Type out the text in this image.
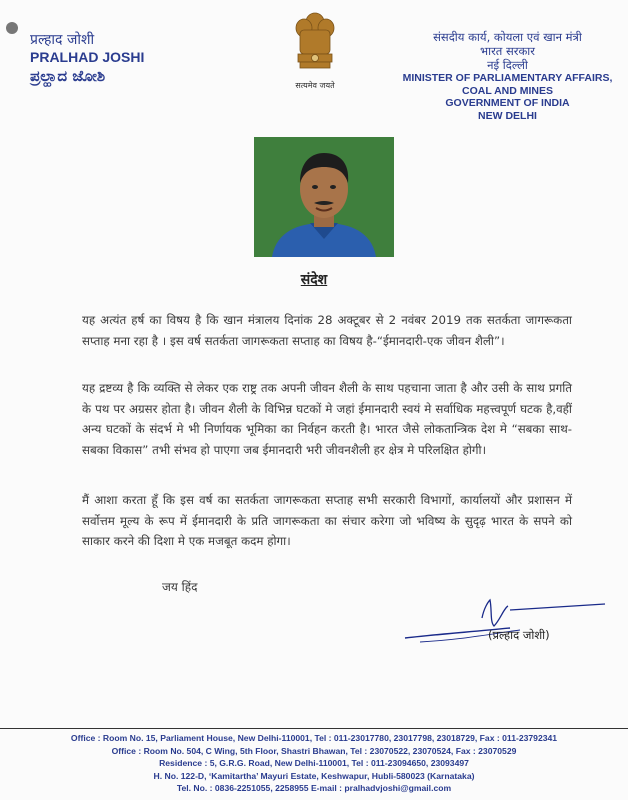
प्रल्हाद जोशी
PRALHAD JOSHI
ಪ್ರಲ್ಹಾದ ಜೋಶಿ
सत्यमेव जयते
संसदीय कार्य, कोयला एवं खान मंत्री
भारत सरकार
नई दिल्ली
MINISTER OF PARLIAMENTARY AFFAIRS,
COAL AND MINES
GOVERNMENT OF INDIA
NEW DELHI
संदेश
यह अत्यंत हर्ष का विषय है कि खान मंत्रालय दिनांक 28 अक्टूबर से 2 नवंबर 2019 तक सतर्कता जागरूकता सप्ताह मना रहा है । इस वर्ष सतर्कता जागरूकता सप्ताह का विषय है-“ईमानदारी-एक जीवन शैली”।
यह द्रष्टव्य है कि व्यक्ति से लेकर एक राष्ट्र तक अपनी जीवन शैली के साथ पहचाना जाता है और उसी के साथ प्रगति के पथ पर अग्रसर होता है। जीवन शैली के विभिन्न घटकों मे जहां ईमानदारी स्वयं मे सर्वाधिक महत्त्वपूर्ण घटक है,वहीं अन्य घटकों के संदर्भ मे भी निर्णायक भूमिका का निर्वहन करती है। भारत जैसे लोकतान्त्रिक देश मे “सबका साथ-सबका विकास” तभी संभव हो पाएगा जब ईमानदारी भरी जीवनशैली हर क्षेत्र मे परिलक्षित होगी।
मैं आशा करता हूँ कि इस वर्ष का सतर्कता जागरूकता सप्ताह सभी सरकारी विभागों, कार्यालयों और प्रशासन में सर्वोत्तम मूल्य के रूप में ईमानदारी के प्रति जागरूकता का संचार करेगा जो भविष्य के सुदृढ़ भारत के सपने को साकार करने की दिशा मे एक मजबूत कदम होगा।
जय हिंद
(प्रल्हाद जोशी)
Office : Room No. 15, Parliament House, New Delhi-110001, Tel : 011-23017780, 23017798, 23018729, Fax : 011-23792341
Office : Room No. 504, C Wing, 5th Floor, Shastri Bhawan, Tel : 23070522, 23070524, Fax : 23070529
Residence : 5, G.R.G. Road, New Delhi-110001, Tel : 011-23094650, 23093497
H. No. 122-D, ‘Kamitartha’ Mayuri Estate, Keshwapur, Hubli-580023 (Karnataka)
Tel. No. : 0836-2251055, 2258955 E-mail : pralhadvjoshi@gmail.com
